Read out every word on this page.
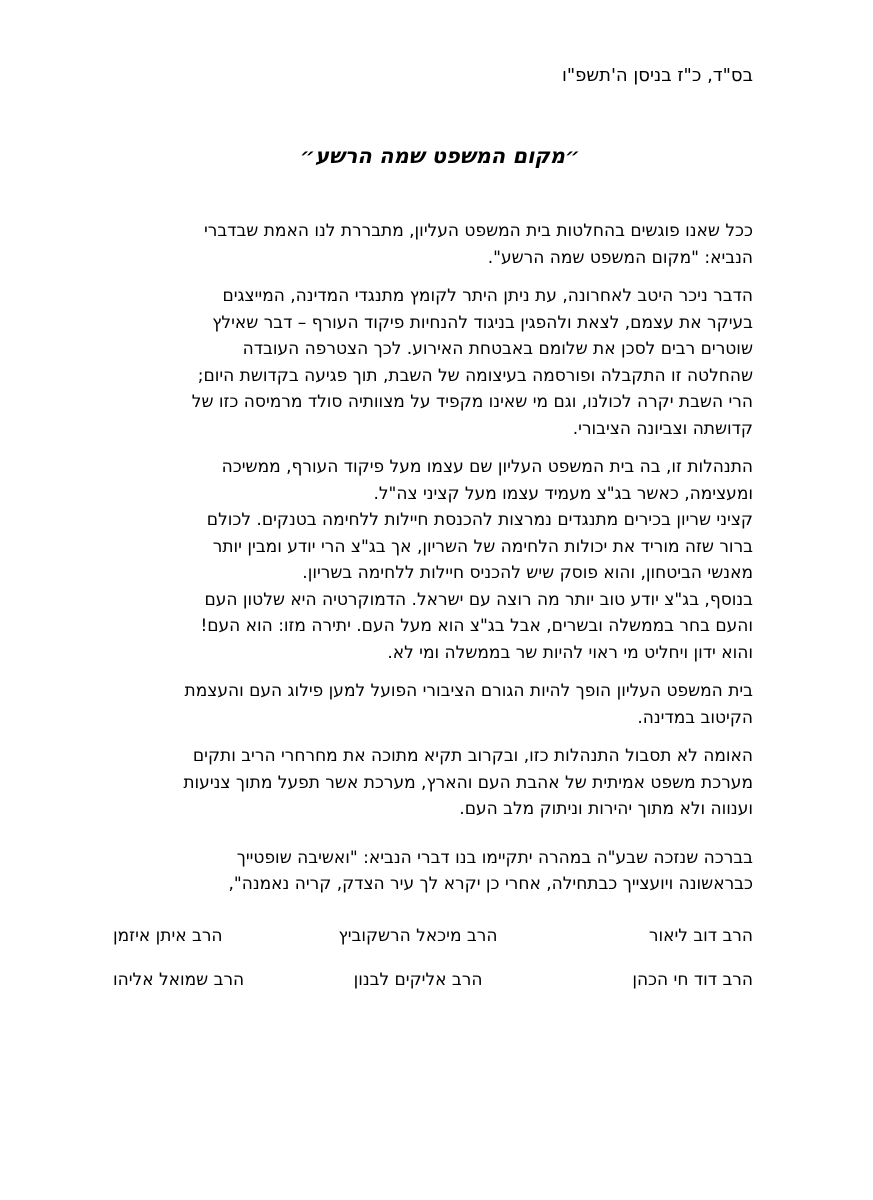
בס"ד, כ"ז בניסן ה'תשפ"ו
״מקום המשפט שמה הרשע״
ככל שאנו פוגשים בהחלטות בית המשפט העליון, מתבררת לנו האמת שבדברי
הנביא: "מקום המשפט שמה הרשע".
הדבר ניכר היטב לאחרונה, עת ניתן היתר לקומץ מתנגדי המדינה, המייצגים
בעיקר את עצמם, לצאת ולהפגין בניגוד להנחיות פיקוד העורף – דבר שאילץ
שוטרים רבים לסכן את שלומם באבטחת האירוע. לכך הצטרפה העובדה
שהחלטה זו התקבלה ופורסמה בעיצומה של השבת, תוך פגיעה בקדושת היום;
הרי השבת יקרה לכולנו, וגם מי שאינו מקפיד על מצוותיה סולד מרמיסה כזו של
קדושתה וצביונה הציבורי.
התנהלות זו, בה בית המשפט העליון שם עצמו מעל פיקוד העורף, ממשיכה
ומעצימה, כאשר בג"צ מעמיד עצמו מעל קציני צה"ל.
קציני שריון בכירים מתנגדים נמרצות להכנסת חיילות ללחימה בטנקים. לכולם
ברור שזה מוריד את יכולות הלחימה של השריון, אך בג"צ הרי יודע ומבין יותר
מאנשי הביטחון, והוא פוסק שיש להכניס חיילות ללחימה בשריון.
בנוסף, בג"צ יודע טוב יותר מה רוצה עם ישראל. הדמוקרטיה היא שלטון העם
והעם בחר בממשלה ובשרים, אבל בג"צ הוא מעל העם. יתירה מזו: הוא העם!
והוא ידון ויחליט מי ראוי להיות שר בממשלה ומי לא.
בית המשפט העליון הופך להיות הגורם הציבורי הפועל למען פילוג העם והעצמת
הקיטוב במדינה.
האומה לא תסבול התנהלות כזו, ובקרוב תקיא מתוכה את מחרחרי הריב ותקים
מערכת משפט אמיתית של אהבת העם והארץ, מערכת אשר תפעל מתוך צניעות
וענווה ולא מתוך יהירות וניתוק מלב העם.
בברכה שנזכה שבע"ה במהרה יתקיימו בנו דברי הנביא: "ואשיבה שופטייך
כבראשונה ויועצייך כבתחילה, אחרי כן יקרא לך עיר הצדק, קריה נאמנה",
הרב דוב ליאור
הרב מיכאל הרשקוביץ
הרב איתן איזמן
הרב דוד חי הכהן
הרב אליקים לבנון
הרב שמואל אליהו
